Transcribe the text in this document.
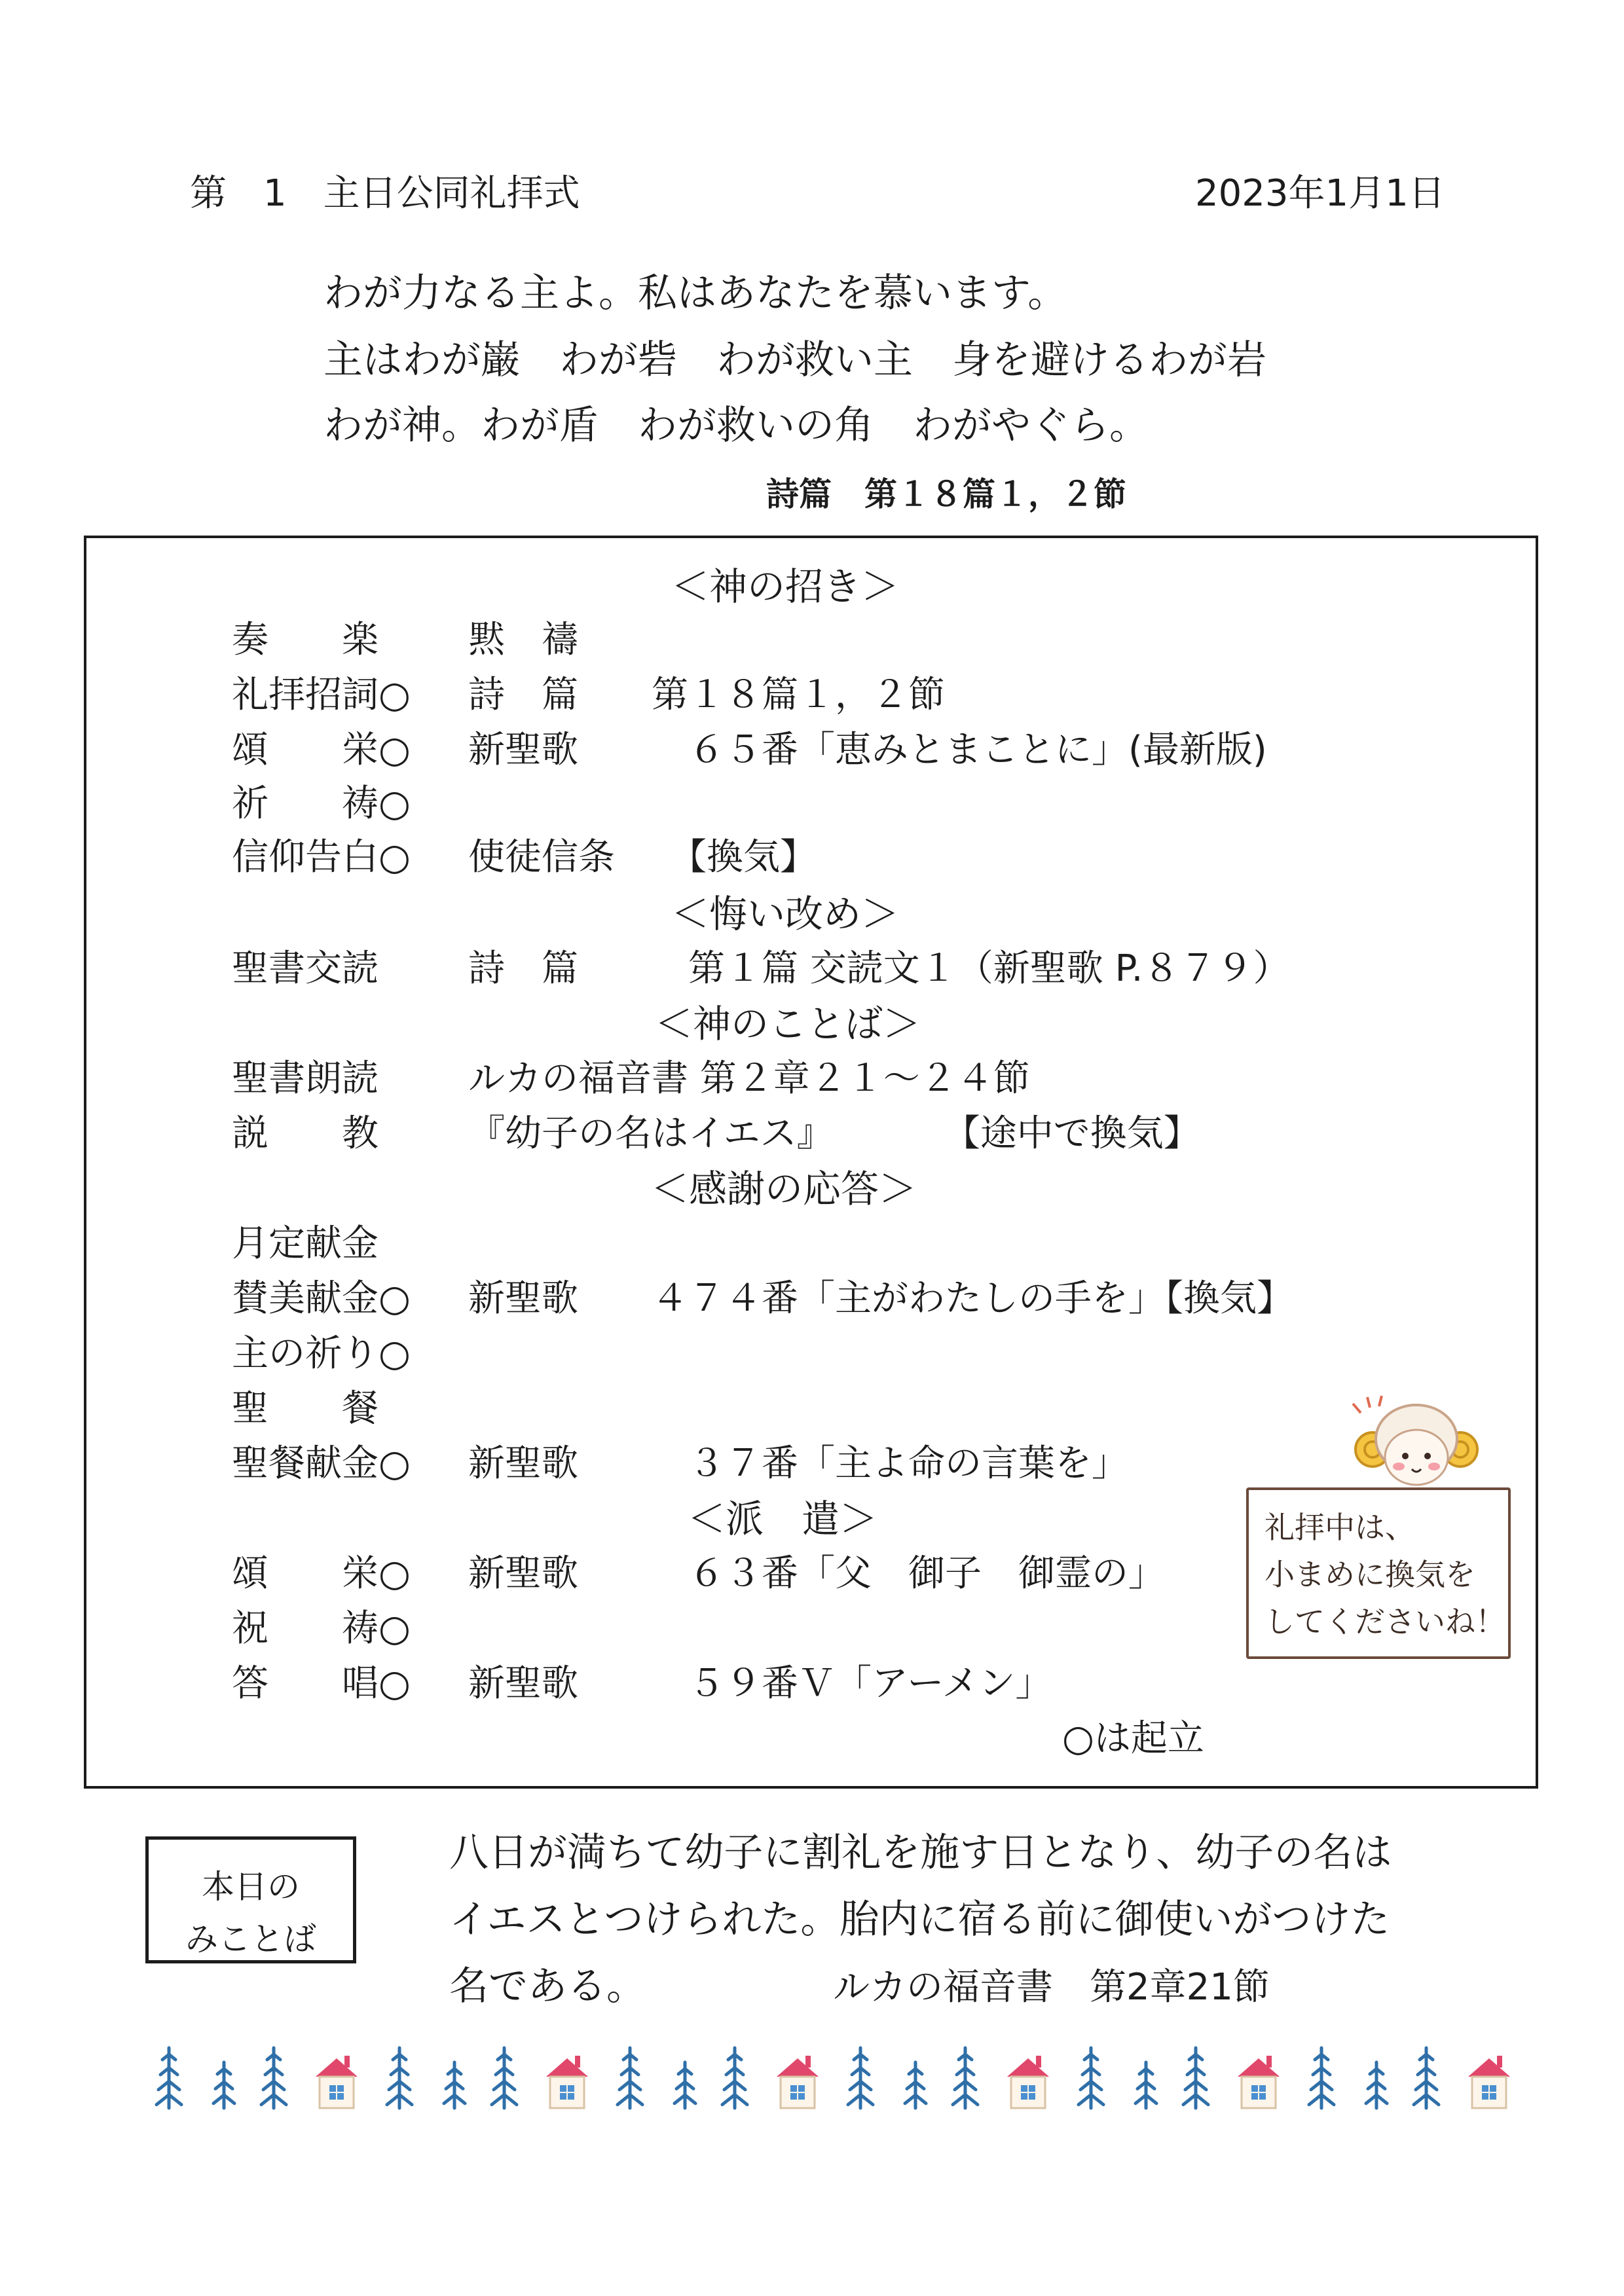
第　1　主日公同礼拝式	2023年1月1日
わが力なる主よ。私はあなたを慕います。
主はわが巌　わが砦　わが救い主　身を避けるわが岩
わが神。わが盾　わが救いの角　わがやぐら。
詩篇　第１８篇１，２節
＜神の招き＞
奏　　楽 黙　禱
礼拝招詞○ 詩　篇　　第１８篇１，２節
頌　　栄○ 新聖歌　　　６５番「恵みとまことに」(最新版)
祈　　祷○
信仰告白○ 使徒信条　　【換気】
＜悔い改め＞
聖書交読 詩　篇　　　第１篇 交読文１（新聖歌 P.８７９）
＜神のことば＞
聖書朗読 ルカの福音書 第２章２１～２４節
説　　教 『幼子の名はイエス』　　　　【途中で換気】
＜感謝の応答＞
月定献金
賛美献金○ 新聖歌　　４７４番「主がわたしの手を」【換気】
主の祈り○
聖　　餐
聖餐献金○ 新聖歌　　　３７番「主よ命の言葉を」
＜派　遣＞
頌　　栄○ 新聖歌　　　６３番「父　御子　御霊の」
祝　　祷○
答　　唱○ 新聖歌　　　５９番Ｖ「アーメン」
○は起立
礼拝中は、
小まめに換気を
してくださいね！
本日の
みことば
八日が満ちて幼子に割礼を施す日となり、幼子の名は
イエスとつけられた。胎内に宿る前に御使いがつけた
名である。	ルカの福音書　第2章21節
